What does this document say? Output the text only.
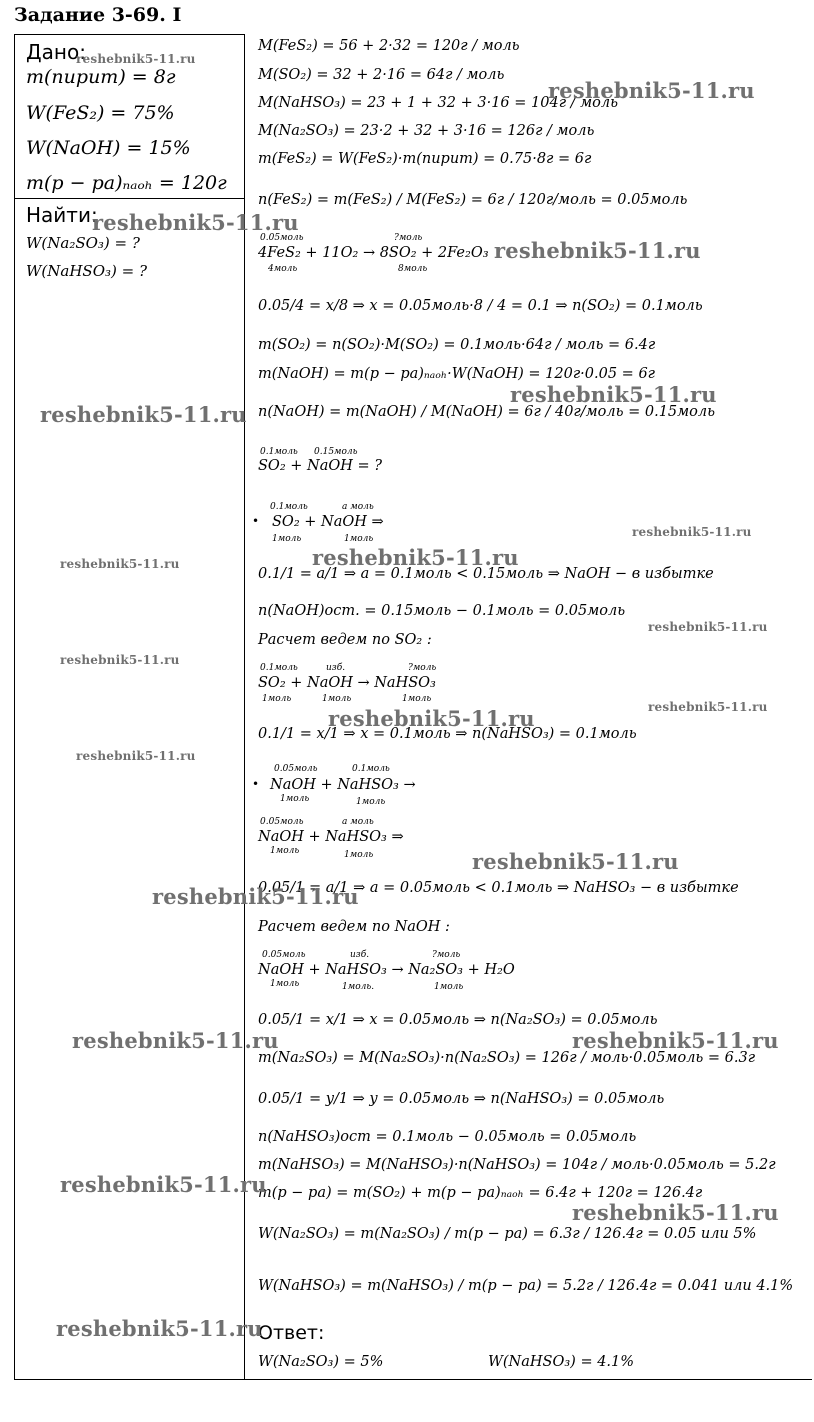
Задание 3-69. I
Дано:
m(пирит) = 8г
W(FeS₂) = 75%
W(NaOH) = 15%
m(p − pa)ₙₐₒₕ = 120г
Найти:
W(Na₂SO₃) = ?
W(NaHSO₃) = ?
M(FeS₂) = 56 + 2·32 = 120г / моль
M(SO₂) = 32 + 2·16 = 64г / моль
M(NaHSO₃) = 23 + 1 + 32 + 3·16 = 104г / моль
M(Na₂SO₃) = 23·2 + 32 + 3·16 = 126г / моль
m(FeS₂) = W(FeS₂)·m(пирит) = 0.75·8г = 6г
n(FeS₂) = m(FeS₂) / M(FeS₂) = 6г / 120г/моль = 0.05моль
0.05моль	?моль
4FeS₂ + 11O₂ → 8SO₂ + 2Fe₂O₃
4моль	8моль
0.05/4 = x/8 ⇒ x = 0.05моль·8 / 4 = 0.1 ⇒ n(SO₂) = 0.1моль
m(SO₂) = n(SO₂)·M(SO₂) = 0.1моль·64г / моль = 6.4г
m(NaOH) = m(p − pa)ₙₐₒₕ·W(NaOH) = 120г·0.05 = 6г
n(NaOH) = m(NaOH) / M(NaOH) = 6г / 40г/моль = 0.15моль
0.1моль 0.15моль
SO₂ + NaOH = ?
0.1моль	a моль
• SO₂ + NaOH ⇒
1моль	1моль
0.1/1 = a/1 ⇒ a = 0.1моль < 0.15моль ⇒ NaOH − в избытке
n(NaOH)ост. = 0.15моль − 0.1моль = 0.05моль
Расчет ведем по SO₂ :
0.1моль	изб.	?моль
SO₂ + NaOH → NaHSO₃
1моль	1моль	1моль
0.1/1 = x/1 ⇒ x = 0.1моль ⇒ n(NaHSO₃) = 0.1моль
0.05моль	0.1моль
• NaOH + NaHSO₃ →
1моль	1моль
0.05моль	a моль
NaOH + NaHSO₃ ⇒
1моль	1моль
0.05/1 = a/1 ⇒ a = 0.05моль < 0.1моль ⇒ NaHSO₃ − в избытке
Расчет ведем по NaOH :
0.05моль	изб.	?моль
NaOH + NaHSO₃ → Na₂SO₃ + H₂O
1моль	1моль.	1моль
0.05/1 = x/1 ⇒ x = 0.05моль ⇒ n(Na₂SO₃) = 0.05моль
m(Na₂SO₃) = M(Na₂SO₃)·n(Na₂SO₃) = 126г / моль·0.05моль = 6.3г
0.05/1 = y/1 ⇒ y = 0.05моль ⇒ n(NaHSO₃) = 0.05моль
n(NaHSO₃)ост = 0.1моль − 0.05моль = 0.05моль
m(NaHSO₃) = M(NaHSO₃)·n(NaHSO₃) = 104г / моль·0.05моль = 5.2г
m(p − pa) = m(SO₂) + m(p − pa)ₙₐₒₕ = 6.4г + 120г = 126.4г
W(Na₂SO₃) = m(Na₂SO₃) / m(p − pa) = 6.3г / 126.4г = 0.05 или 5%
W(NaHSO₃) = m(NaHSO₃) / m(p − pa) = 5.2г / 126.4г = 0.041 или 4.1%
Ответ:
W(Na₂SO₃) = 5%	W(NaHSO₃) = 4.1%
reshebnik5-11.ru
reshebnik5-11.ru
reshebnik5-11.ru
reshebnik5-11.ru
reshebnik5-11.ru
reshebnik5-11.ru
reshebnik5-11.ru
reshebnik5-11.ru
reshebnik5-11.ru
reshebnik5-11.ru
reshebnik5-11.ru
reshebnik5-11.ru
reshebnik5-11.ru
reshebnik5-11.ru
reshebnik5-11.ru
reshebnik5-11.ru
reshebnik5-11.ru	reshebnik5-11.ru
reshebnik5-11.ru
reshebnik5-11.ru
reshebnik5-11.ru
